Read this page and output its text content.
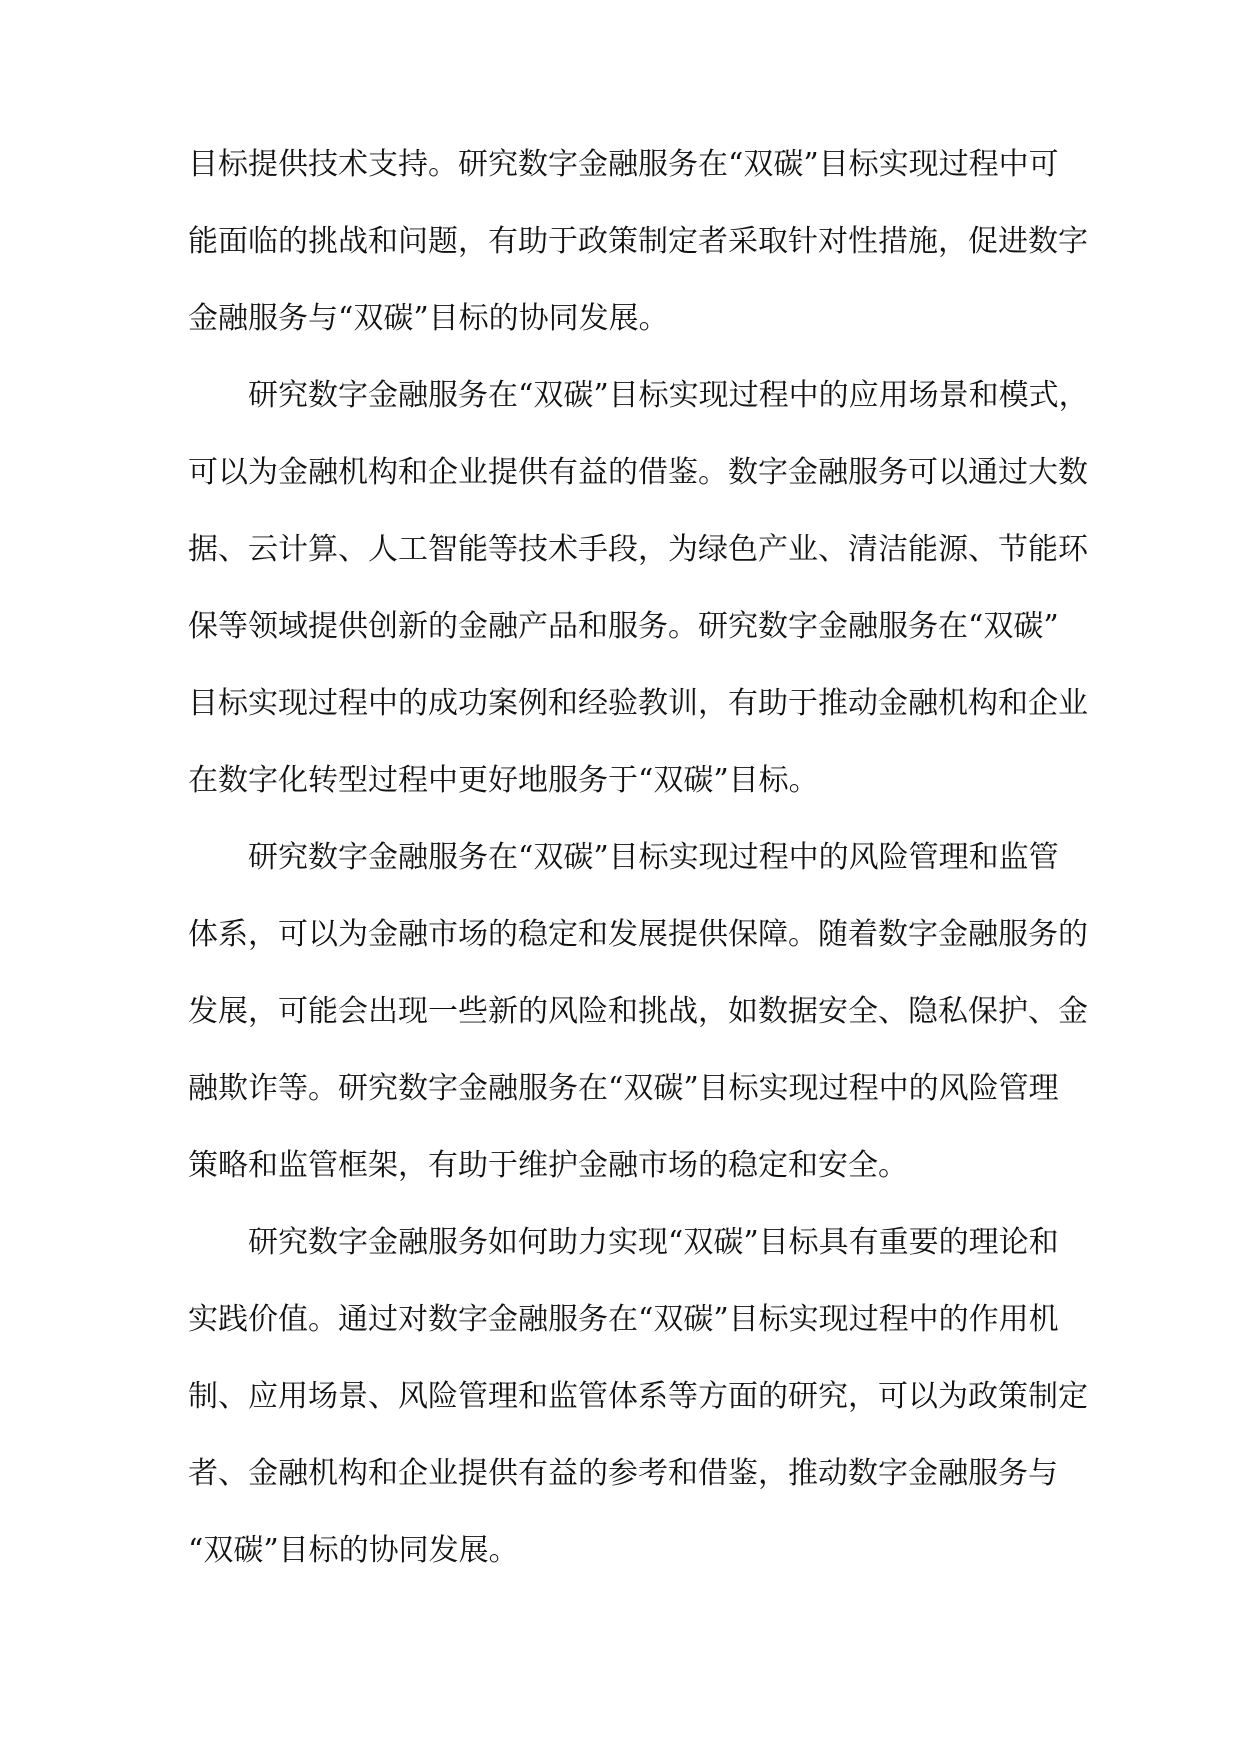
目标提供技术支持。研究数字金融服务在“双碳”目标实现过程中可

能面临的挑战和问题，有助于政策制定者采取针对性措施，促进数字

金融服务与“双碳”目标的协同发展。

研究数字金融服务在“双碳”目标实现过程中的应用场景和模式，

可以为金融机构和企业提供有益的借鉴。数字金融服务可以通过大数

据、云计算、人工智能等技术手段，为绿色产业、清洁能源、节能环

保等领域提供创新的金融产品和服务。研究数字金融服务在“双碳”

目标实现过程中的成功案例和经验教训，有助于推动金融机构和企业

在数字化转型过程中更好地服务于“双碳”目标。

研究数字金融服务在“双碳”目标实现过程中的风险管理和监管

体系，可以为金融市场的稳定和发展提供保障。随着数字金融服务的

发展，可能会出现一些新的风险和挑战，如数据安全、隐私保护、金

融欺诈等。研究数字金融服务在“双碳”目标实现过程中的风险管理

策略和监管框架，有助于维护金融市场的稳定和安全。

研究数字金融服务如何助力实现“双碳”目标具有重要的理论和

实践价值。通过对数字金融服务在“双碳”目标实现过程中的作用机

制、应用场景、风险管理和监管体系等方面的研究，可以为政策制定

者、金融机构和企业提供有益的参考和借鉴，推动数字金融服务与

“双碳”目标的协同发展。
